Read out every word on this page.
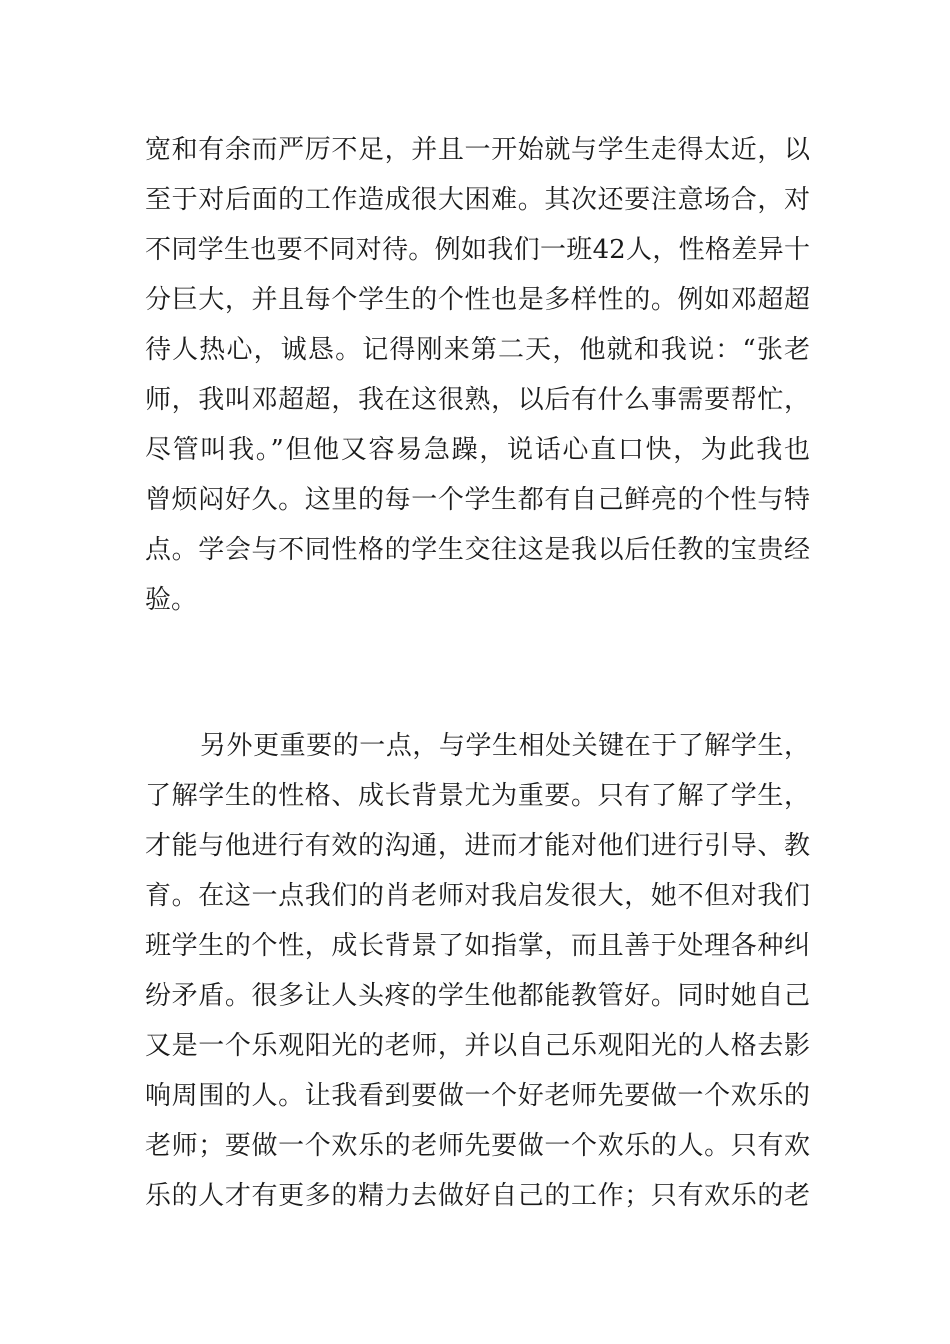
宽和有余而严厉不足，并且一开始就与学生走得太近，以
至于对后面的工作造成很大困难。其次还要注意场合，对
不同学生也要不同对待。例如我们一班42人，性格差异十
分巨大，并且每个学生的个性也是多样性的。例如邓超超
待人热心，诚恳。记得刚来第二天，他就和我说：“张老
师，我叫邓超超，我在这很熟，以后有什么事需要帮忙，
尽管叫我。”但他又容易急躁，说话心直口快，为此我也
曾烦闷好久。这里的每一个学生都有自己鲜亮的个性与特
点。学会与不同性格的学生交往这是我以后任教的宝贵经
验。
另外更重要的一点，与学生相处关键在于了解学生，
了解学生的性格、成长背景尤为重要。只有了解了学生，
才能与他进行有效的沟通，进而才能对他们进行引导、教
育。在这一点我们的肖老师对我启发很大，她不但对我们
班学生的个性，成长背景了如指掌，而且善于处理各种纠
纷矛盾。很多让人头疼的学生他都能教管好。同时她自己
又是一个乐观阳光的老师，并以自己乐观阳光的人格去影
响周围的人。让我看到要做一个好老师先要做一个欢乐的
老师；要做一个欢乐的老师先要做一个欢乐的人。只有欢
乐的人才有更多的精力去做好自己的工作；只有欢乐的老
